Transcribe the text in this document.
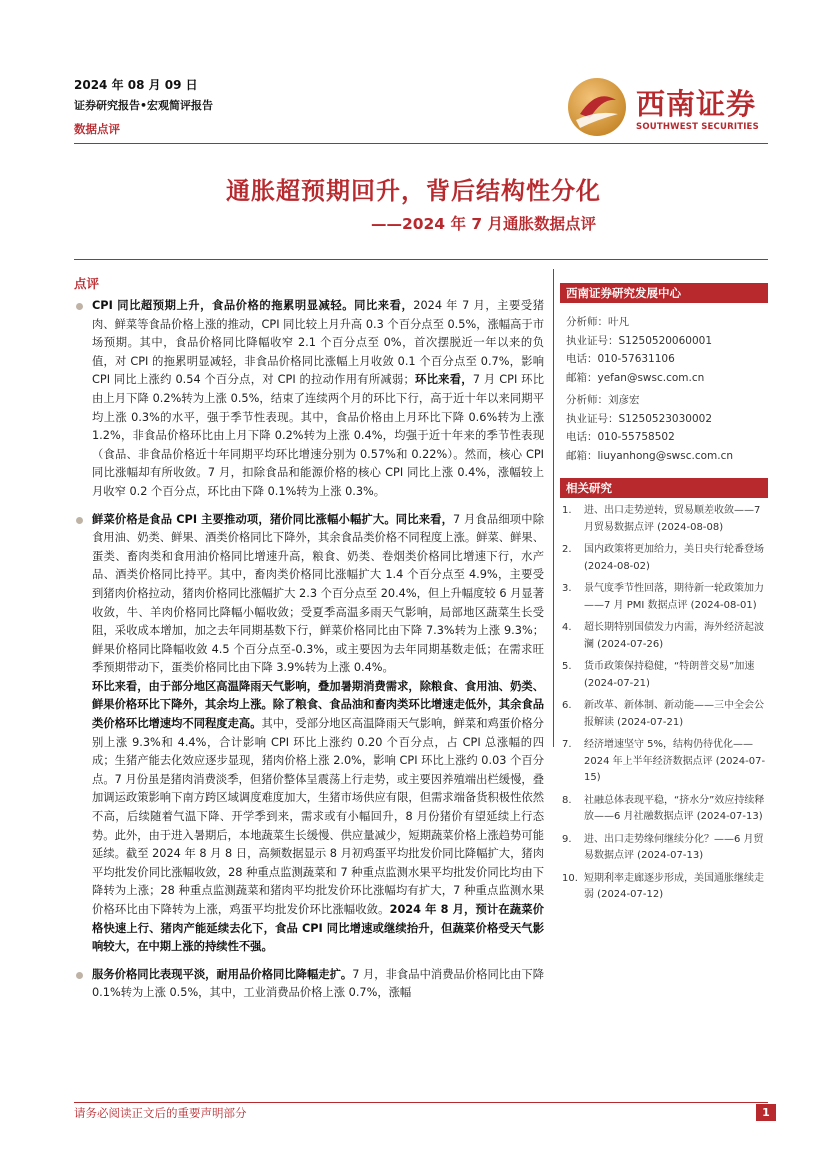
2024 年 08 月 09 日
证券研究报告•宏观简评报告
数据点评
西南证券
SOUTHWEST SECURITIES
通胀超预期回升，背后结构性分化
——2024 年 7 月通胀数据点评
点评
CPI 同比超预期上升，食品价格的拖累明显减轻。同比来看，2024 年 7 月，主要受猪肉、鲜菜等食品价格上涨的推动，CPI 同比较上月升高 0.3 个百分点至 0.5%，涨幅高于市场预期。其中，食品价格同比降幅收窄 2.1 个百分点至 0%，首次摆脱近一年以来的负值，对 CPI 的拖累明显减轻，非食品价格同比涨幅上月收敛 0.1 个百分点至 0.7%，影响 CPI 同比上涨约 0.54 个百分点，对 CPI 的拉动作用有所减弱；环比来看，7 月 CPI 环比由上月下降 0.2%转为上涨 0.5%，结束了连续两个月的环比下行，高于近十年以来同期平均上涨 0.3%的水平，强于季节性表现。其中，食品价格由上月环比下降 0.6%转为上涨 1.2%，非食品价格环比由上月下降 0.2%转为上涨 0.4%，均强于近十年来的季节性表现（食品、非食品价格近十年同期平均环比增速分别为 0.57%和 0.22%）。然而，核心 CPI 同比涨幅却有所收敛。7 月，扣除食品和能源价格的核心 CPI 同比上涨 0.4%，涨幅较上月收窄 0.2 个百分点，环比由下降 0.1%转为上涨 0.3%。
鲜菜价格是食品 CPI 主要推动项，猪价同比涨幅小幅扩大。同比来看，7 月食品细项中除食用油、奶类、鲜果、酒类价格同比下降外，其余食品类价格不同程度上涨。鲜菜、鲜果、蛋类、畜肉类和食用油价格同比增速升高，粮食、奶类、卷烟类价格同比增速下行，水产品、酒类价格同比持平。其中，畜肉类价格同比涨幅扩大 1.4 个百分点至 4.9%，主要受到猪肉价格拉动，猪肉价格同比涨幅扩大 2.3 个百分点至 20.4%，但上升幅度较 6 月显著收敛，牛、羊肉价格同比降幅小幅收敛；受夏季高温多雨天气影响，局部地区蔬菜生长受阻，采收成本增加，加之去年同期基数下行，鲜菜价格同比由下降 7.3%转为上涨 9.3%；鲜果价格同比降幅收敛 4.5 个百分点至-0.3%，或主要因为去年同期基数走低；在需求旺季预期带动下，蛋类价格同比由下降 3.9%转为上涨 0.4%。
环比来看，由于部分地区高温降雨天气影响，叠加暑期消费需求，除粮食、食用油、奶类、鲜果价格环比下降外，其余均上涨。除了粮食、食品油和畜肉类环比增速走低外，其余食品类价格环比增速均不同程度走高。其中，受部分地区高温降雨天气影响，鲜菜和鸡蛋价格分别上涨 9.3%和 4.4%，合计影响 CPI 环比上涨约 0.20 个百分点，占 CPI 总涨幅的四成；生猪产能去化效应逐步显现，猪肉价格上涨 2.0%，影响 CPI 环比上涨约 0.03 个百分点。7 月份虽是猪肉消费淡季，但猪价整体呈震荡上行走势，或主要因养殖端出栏缓慢，叠加调运政策影响下南方跨区域调度难度加大，生猪市场供应有限，但需求端备货积极性依然不高，后续随着气温下降、开学季到来，需求或有小幅回升，8 月份猪价有望延续上行态势。此外，由于进入暑期后，本地蔬菜生长缓慢、供应量减少，短期蔬菜价格上涨趋势可能延续。截至 2024 年 8 月 8 日，高频数据显示 8 月初鸡蛋平均批发价同比降幅扩大，猪肉平均批发价同比涨幅收敛，28 种重点监测蔬菜和 7 种重点监测水果平均批发价同比均由下降转为上涨；28 种重点监测蔬菜和猪肉平均批发价环比涨幅均有扩大，7 种重点监测水果价格环比由下降转为上涨，鸡蛋平均批发价环比涨幅收敛。2024 年 8 月，预计在蔬菜价格快速上行、猪肉产能延续去化下，食品 CPI 同比增速或继续抬升，但蔬菜价格受天气影响较大，在中期上涨的持续性不强。
服务价格同比表现平淡，耐用品价格同比降幅走扩。7 月，非食品中消费品价格同比由下降 0.1%转为上涨 0.5%，其中，工业消费品价格上涨 0.7%，涨幅
西南证券研究发展中心
分析师：叶凡
执业证号：S1250520060001
电话：010-57631106
邮箱：yefan@swsc.com.cn
分析师：刘彦宏
执业证号：S1250523030002
电话：010-55758502
邮箱：liuyanhong@swsc.com.cn
相关研究
1. 进、出口走势逆转，贸易顺差收敛——7 月贸易数据点评 (2024-08-08)
2. 国内政策将更加给力，美日央行轮番登场 (2024-08-02)
3. 景气度季节性回落，期待新一轮政策加力——7 月 PMI 数据点评 (2024-08-01)
4. 超长期特别国债发力内需，海外经济起波澜 (2024-07-26)
5. 货币政策保持稳健，“特朗普交易”加速 (2024-07-21)
6. 新改革、新体制、新动能——三中全会公报解读 (2024-07-21)
7. 经济增速坚守 5%，结构仍待优化——2024 年上半年经济数据点评 (2024-07-15)
8. 社融总体表现平稳，“挤水分”效应持续释放——6 月社融数据点评 (2024-07-13)
9. 进、出口走势缘何继续分化？——6 月贸易数据点评 (2024-07-13)
10. 短期利率走廊逐步形成，美国通胀继续走弱 (2024-07-12)
请务必阅读正文后的重要声明部分	1
